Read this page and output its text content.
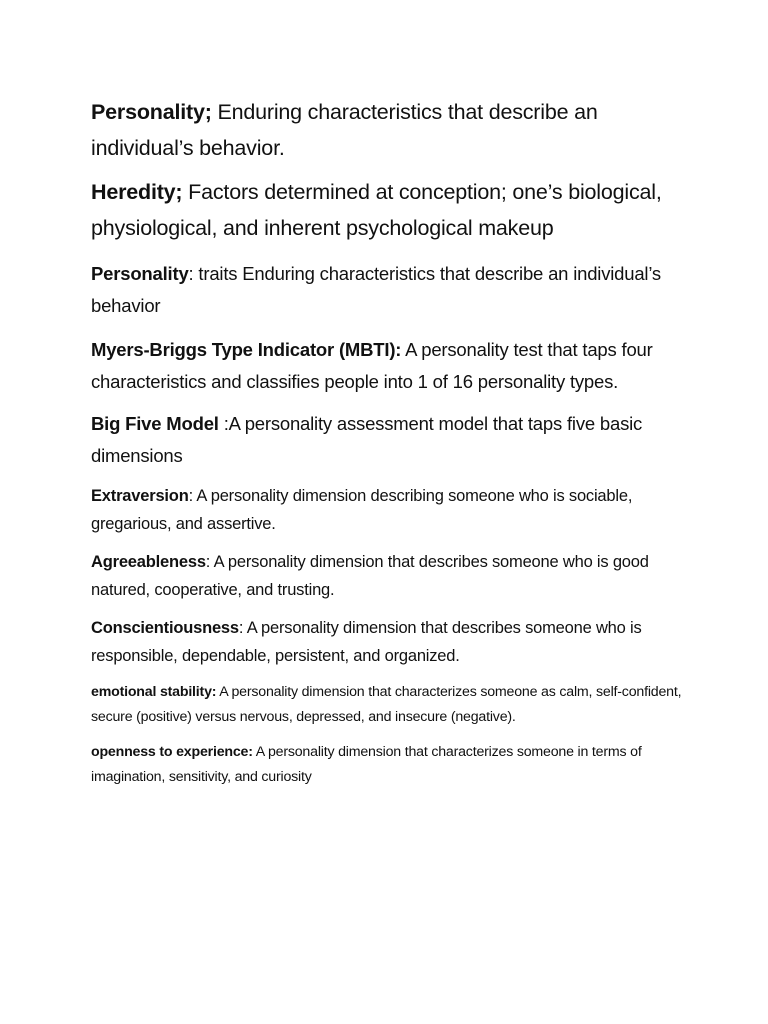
Personality; Enduring characteristics that describe an individual’s behavior.

Heredity; Factors determined at conception; one’s biological, physiological, and inherent psychological makeup

Personality: traits Enduring characteristics that describe an individual’s behavior

Myers-Briggs Type Indicator (MBTI): A personality test that taps four characteristics and classifies people into 1 of 16 personality types.

Big Five Model :A personality assessment model that taps five basic dimensions

Extraversion: A personality dimension describing someone who is sociable, gregarious, and assertive.

Agreeableness: A personality dimension that describes someone who is good natured, cooperative, and trusting.

Conscientiousness: A personality dimension that describes someone who is responsible, dependable, persistent, and organized.

emotional stability: A personality dimension that characterizes someone as calm, self-confident, secure (positive) versus nervous, depressed, and insecure (negative).

openness to experience: A personality dimension that characterizes someone in terms of imagination, sensitivity, and curiosity
